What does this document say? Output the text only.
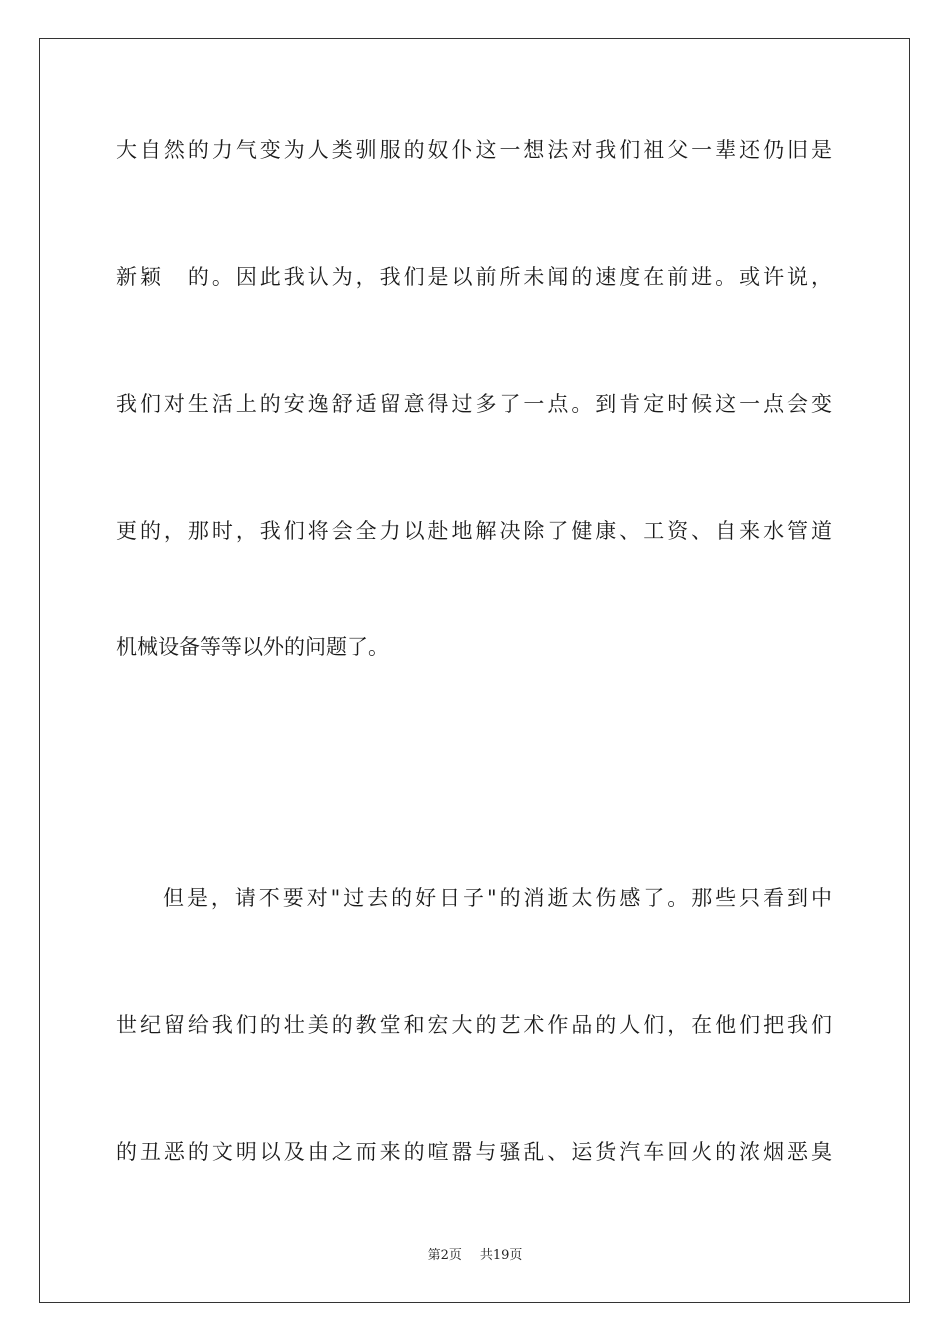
大自然的力气变为人类驯服的奴仆这一想法对我们祖父一辈还仍旧是
新颖　的。因此我认为，我们是以前所未闻的速度在前进。或许说，
我们对生活上的安逸舒适留意得过多了一点。到肯定时候这一点会变
更的，那时，我们将会全力以赴地解决除了健康、工资、自来水管道
机械设备等等以外的问题了。
但是，请不要对"过去的好日子"的消逝太伤感了。那些只看到中
世纪留给我们的壮美的教堂和宏大的艺术作品的人们，在他们把我们
的丑恶的文明以及由之而来的喧嚣与骚乱、运货汽车回火的浓烟恶臭
第2页 共19页
